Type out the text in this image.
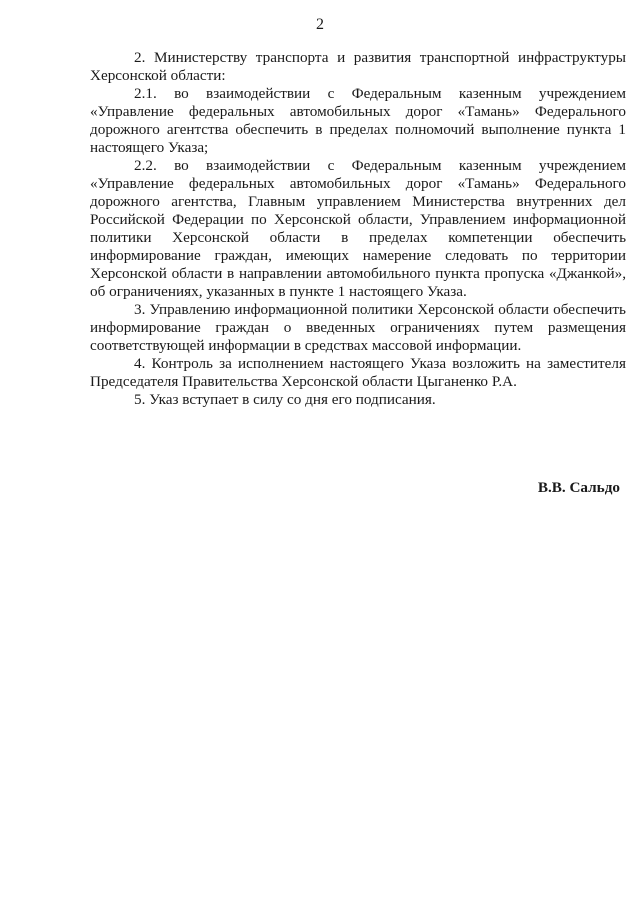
2

2. Министерству транспорта и развития транспортной инфраструктуры Херсонской области:

2.1. во взаимодействии с Федеральным казенным учреждением «Управление федеральных автомобильных дорог «Тамань» Федерального дорожного агентства обеспечить в пределах полномочий выполнение пункта 1 настоящего Указа;

2.2. во взаимодействии с Федеральным казенным учреждением «Управление федеральных автомобильных дорог «Тамань» Федерального дорожного агентства, Главным управлением Министерства внутренних дел Российской Федерации по Херсонской области, Управлением информационной политики Херсонской области в пределах компетенции обеспечить информирование граждан, имеющих намерение следовать по территории Херсонской области в направлении автомобильного пункта пропуска «Джанкой», об ограничениях, указанных в пункте 1 настоящего Указа.

3. Управлению информационной политики Херсонской области обеспечить информирование граждан о введенных ограничениях путем размещения соответствующей информации в средствах массовой информации.

4. Контроль за исполнением настоящего Указа возложить на заместителя Председателя Правительства Херсонской области Цыганенко Р.А.

5. Указ вступает в силу со дня его подписания.

В.В. Сальдо
